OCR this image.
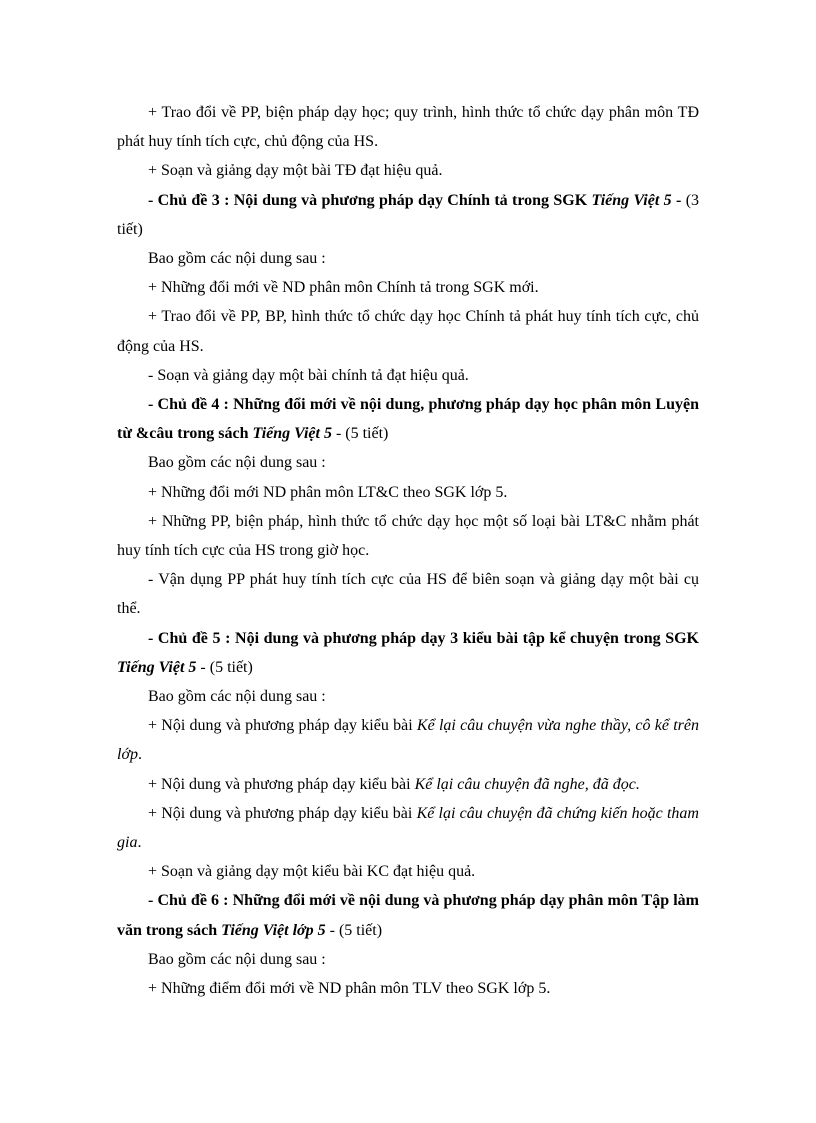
+ Trao đổi về PP, biện pháp dạy học; quy trình, hình thức tổ chức dạy phân môn TĐ phát huy tính tích cực, chủ động của HS.

+ Soạn và giảng dạy một bài TĐ đạt hiệu quả.

- Chủ đề 3 : Nội dung và phương pháp dạy Chính tả trong SGK Tiếng Việt 5 - (3 tiết)

Bao gồm các nội dung sau :

+ Những đổi mới về ND phân môn Chính tả trong SGK mới.

+ Trao đổi về PP, BP, hình thức tổ chức dạy học Chính tả phát huy tính tích cực, chủ động của HS.

- Soạn và giảng dạy một bài chính tả đạt hiệu quả.

- Chủ đề 4 : Những đổi mới về nội dung, phương pháp dạy học phân môn Luyện từ &câu trong sách Tiếng Việt 5 - (5 tiết)

Bao gồm các nội dung sau :

+ Những đổi mới ND phân môn LT&C theo SGK lớp 5.

+ Những PP, biện pháp, hình thức tổ chức dạy học một số loại bài LT&C nhằm phát huy tính tích cực của HS trong giờ học.

- Vận dụng PP phát huy tính tích cực của HS để biên soạn và giảng dạy một bài cụ thể.

- Chủ đề 5 : Nội dung và phương pháp dạy 3 kiểu bài tập kể chuyện trong SGK Tiếng Việt 5 - (5 tiết)

Bao gồm các nội dung sau :

+ Nội dung và phương pháp dạy kiểu bài Kể lại câu chuyện vừa nghe thầy, cô kể trên lớp.

+ Nội dung và phương pháp dạy kiểu bài Kể lại câu chuyện đã nghe, đã đọc.

+ Nội dung và phương pháp dạy kiểu bài Kể lại câu chuyện đã chứng kiến hoặc tham gia.

+ Soạn và giảng dạy một kiểu bài KC đạt hiệu quả.

- Chủ đề 6 : Những đổi mới về nội dung và phương pháp dạy phân môn Tập làm văn trong sách Tiếng Việt lớp 5 - (5 tiết)

Bao gồm các nội dung sau :

+ Những điểm đổi mới về ND phân môn TLV theo SGK lớp 5.
